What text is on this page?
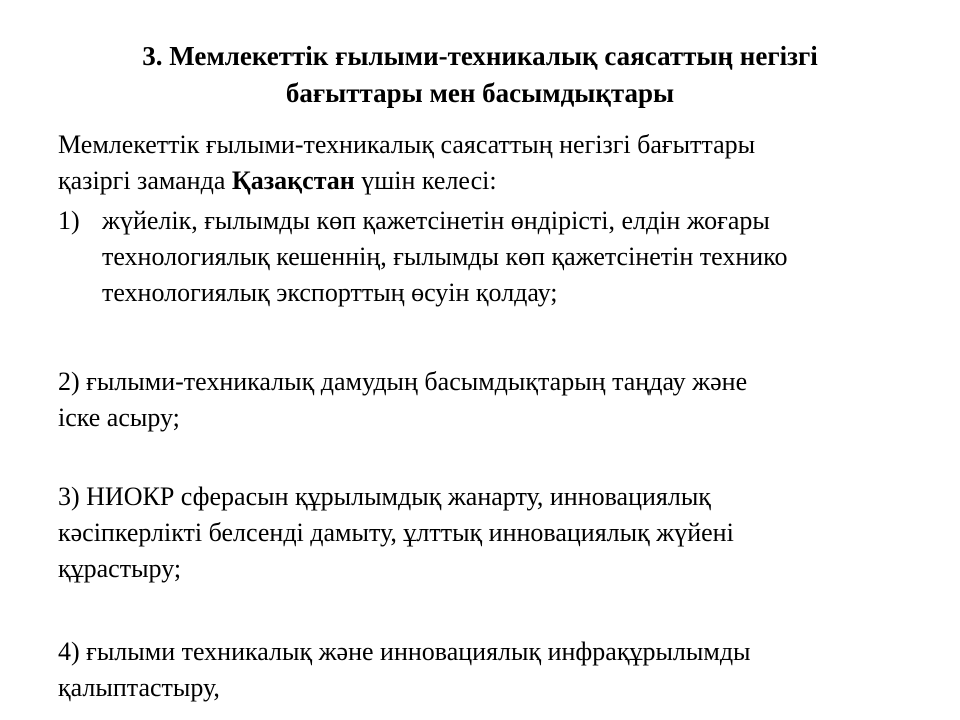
3. Мемлекеттік ғылыми-техникалық саясаттың негізгі
бағыттары мен басымдықтары
Мемлекеттік ғылыми-техникалық саясаттың негізгі бағыттары
қазіргі заманда Қазақстан үшін келесі:
1) жүйелік, ғылымды көп қажетсінетін өндірісті, елдін жоғары
технологиялық кешеннің, ғылымды көп қажетсінетін технико
технологиялық экспорттың өсуін қолдау;
2) ғылыми-техникалық дамудың басымдықтарың таңдау және
іске асыру;
3) НИОКР сферасын құрылымдық жанарту, инновациялық
кәсіпкерлікті белсенді дамыту, ұлттық инновациялық жүйені
құрастыру;
4) ғылыми техникалық және инновациялық инфрақұрылымды
қалыптастыру,
